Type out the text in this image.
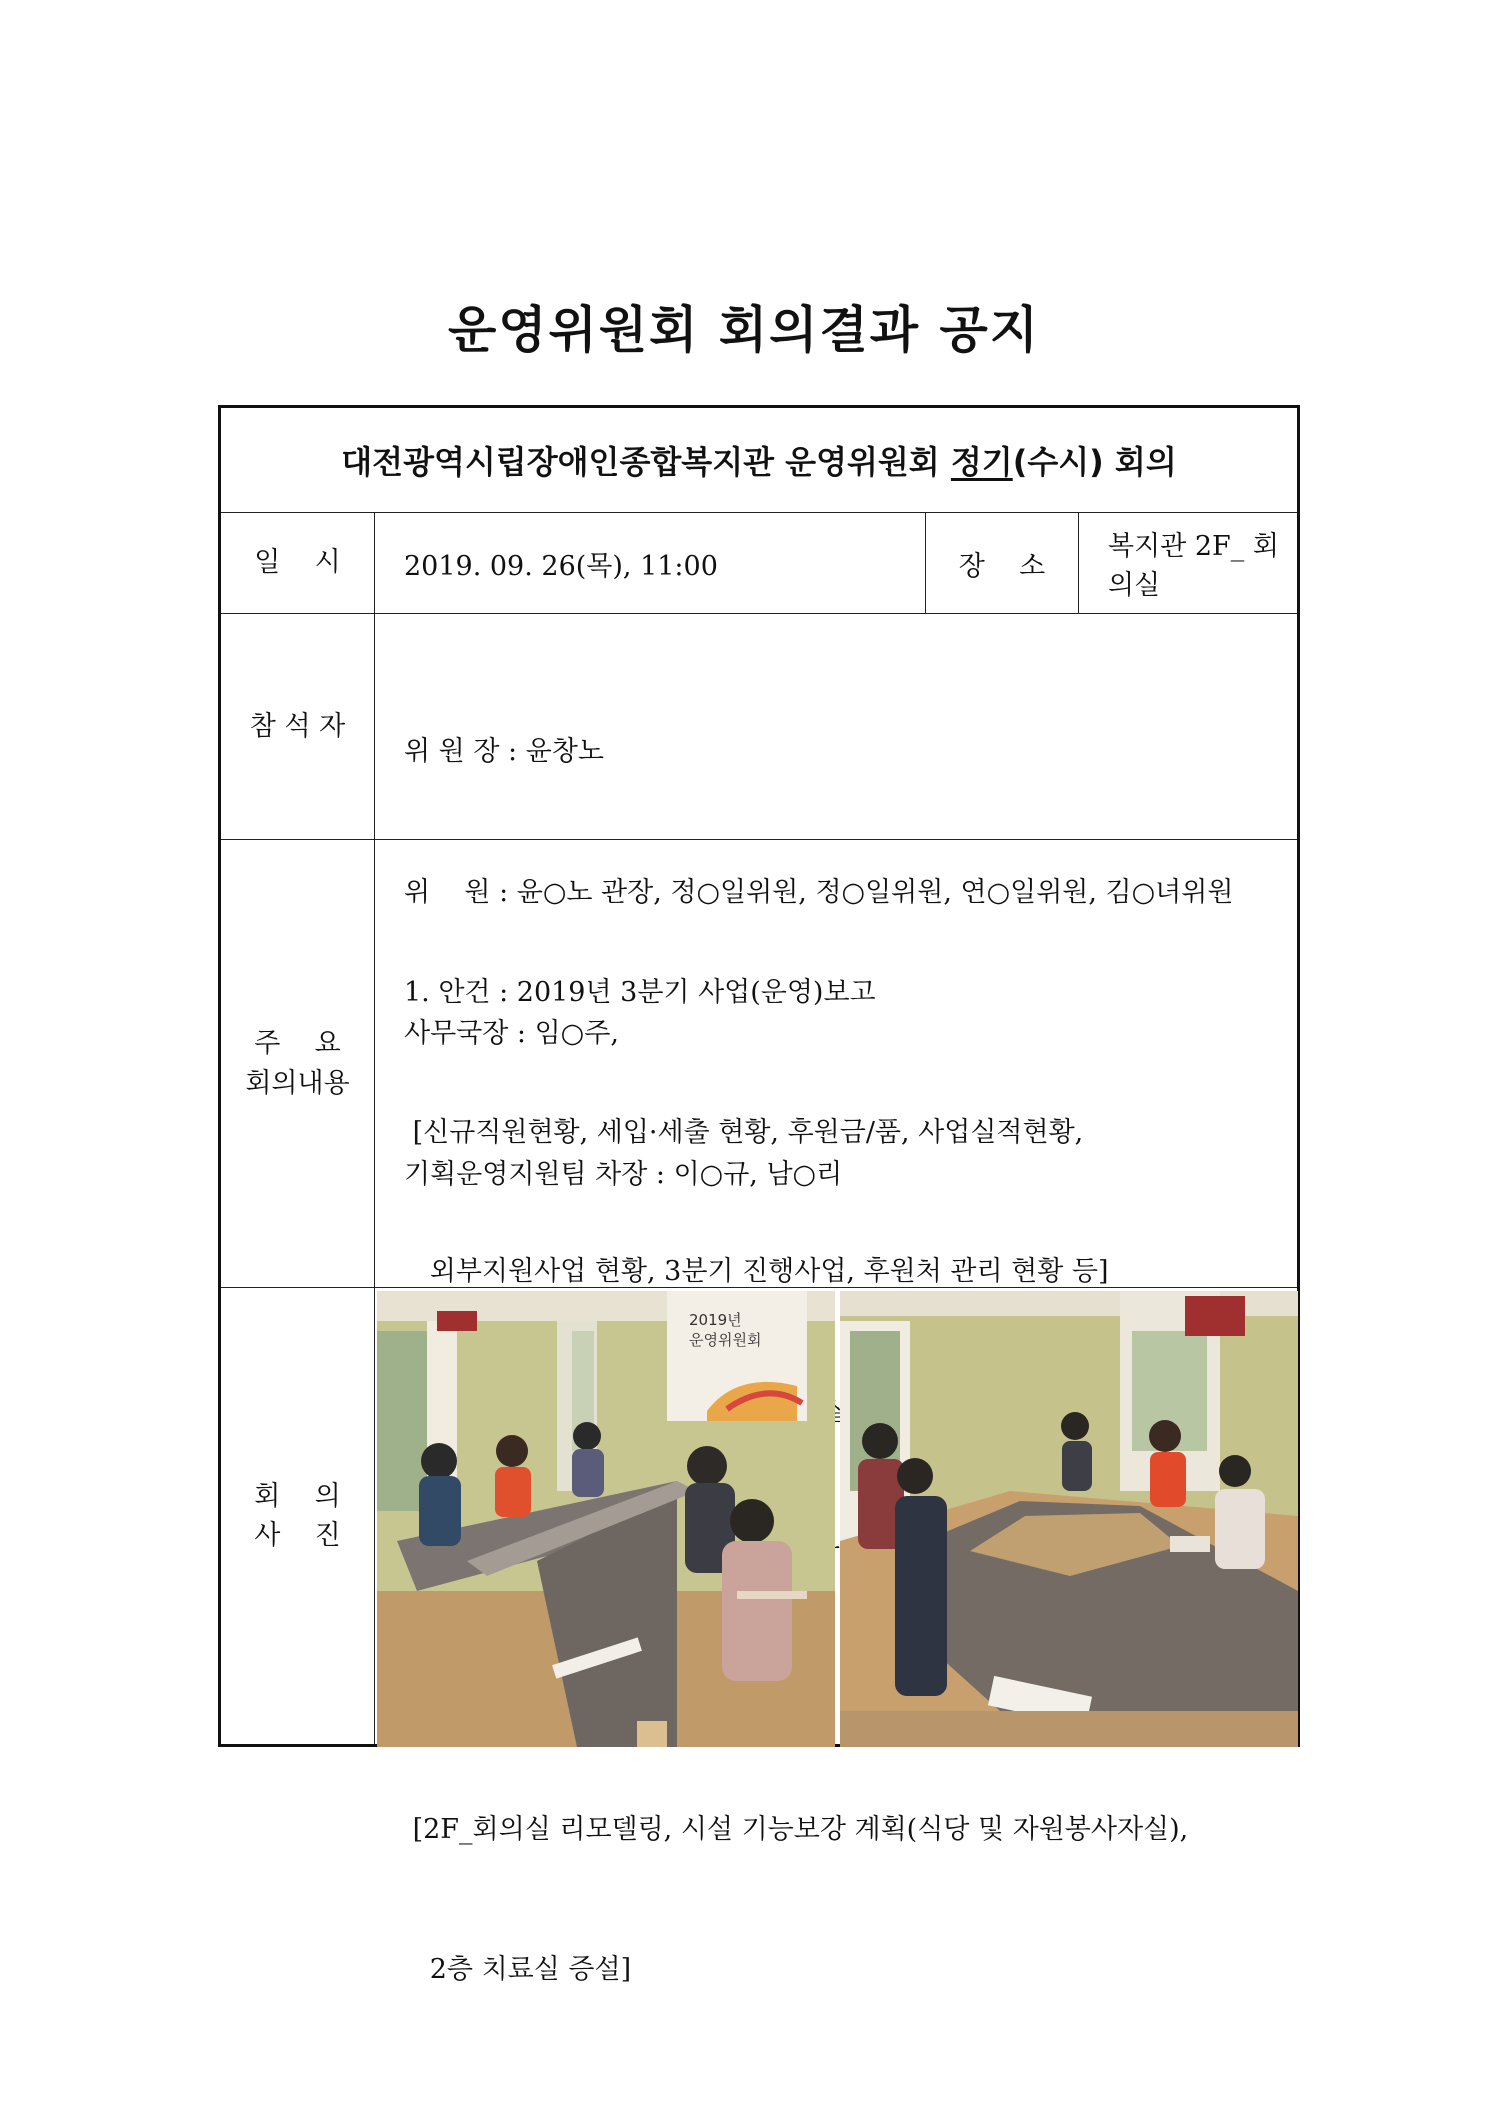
운영위원회 회의결과 공지
대전광역시립장애인종합복지관 운영위원회 정기(수시) 회의
일    시 2019. 09. 26(목), 11:00	장    소
복지관 2F_ 회의실
참 석 자

위 원 장 : 윤창노

위    원 : 윤○노 관장, 정○일위원, 정○일위원, 연○일위원, 김○녀위원

사무국장 : 임○주,

기획운영지원팀 차장 : 이○규, 남○리

주    요
회의내용

1. 안건 : 2019년 3분기 사업(운영)보고

[신규직원현황, 세입·세출 현황, 후원금/품, 사업실적현황,

외부지원사업 현황, 3분기 진행사업, 후원처 관리 현황 등]

[2F_회의실 리모델링, 시설 기능보강 계획(식당 및 자원봉사자실),

2층 치료실 증설]

회    의
사    진
2019년
운영위원회
